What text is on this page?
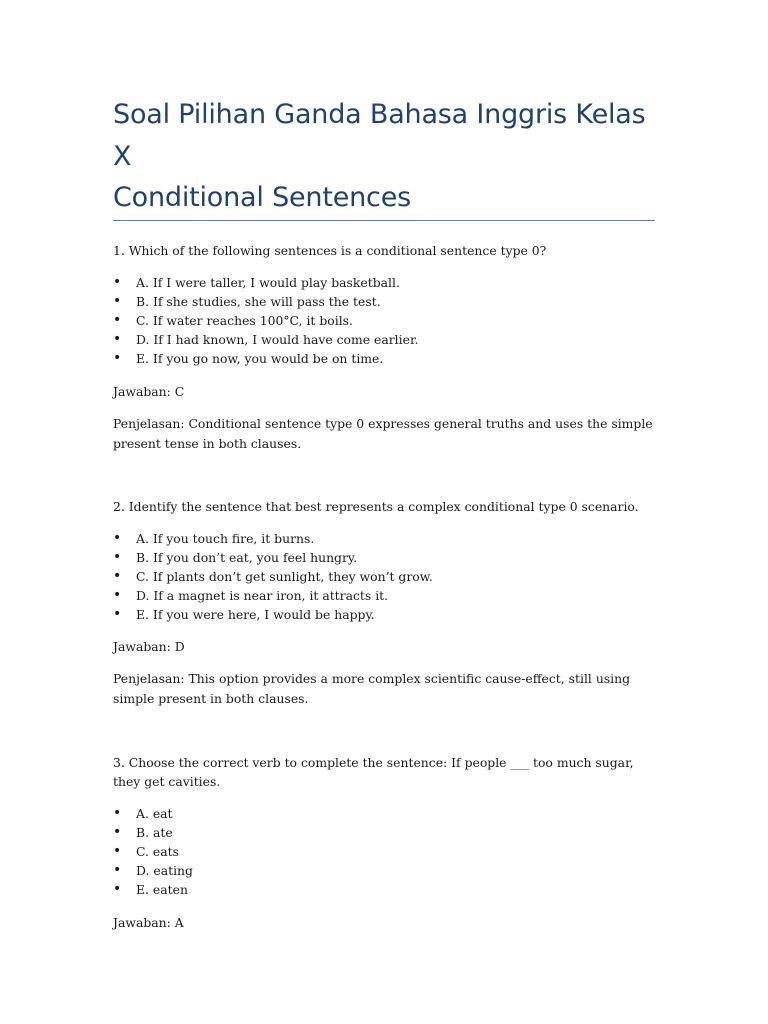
Soal Pilihan Ganda Bahasa Inggris Kelas
X
Conditional Sentences

1. Which of the following sentences is a conditional sentence type 0?

• A. If I were taller, I would play basketball.
• B. If she studies, she will pass the test.
• C. If water reaches 100°C, it boils.
• D. If I had known, I would have come earlier.
• E. If you go now, you would be on time.

Jawaban: C

Penjelasan: Conditional sentence type 0 expresses general truths and uses the simple present tense in both clauses.

2. Identify the sentence that best represents a complex conditional type 0 scenario.

• A. If you touch fire, it burns.
• B. If you don’t eat, you feel hungry.
• C. If plants don’t get sunlight, they won’t grow.
• D. If a magnet is near iron, it attracts it.
• E. If you were here, I would be happy.

Jawaban: D

Penjelasan: This option provides a more complex scientific cause-effect, still using simple present in both clauses.

3. Choose the correct verb to complete the sentence: If people ___ too much sugar, they get cavities.

• A. eat
• B. ate
• C. eats
• D. eating
• E. eaten

Jawaban: A
